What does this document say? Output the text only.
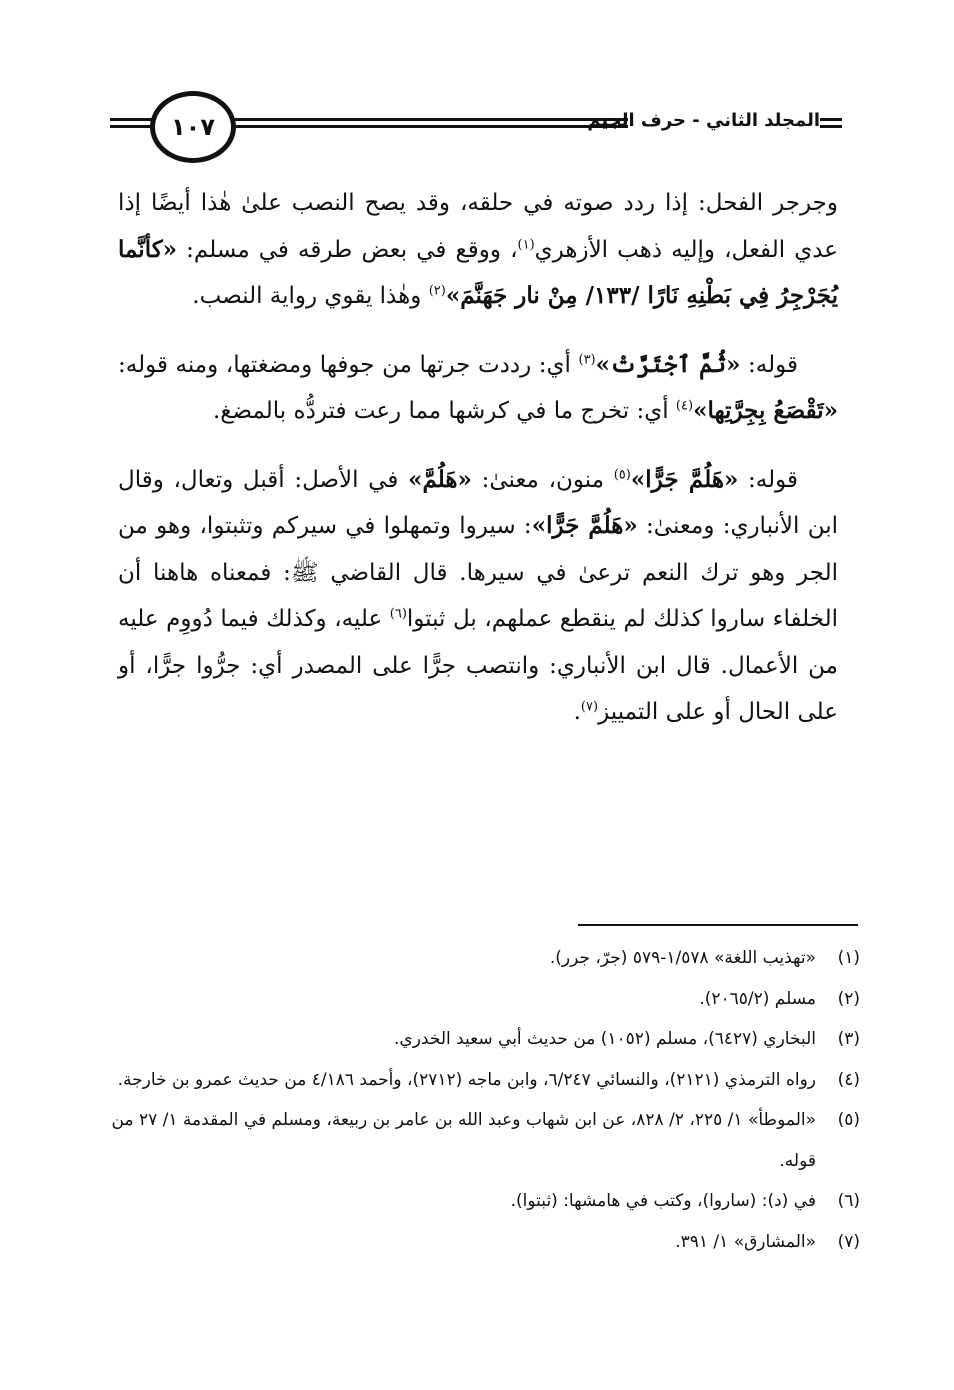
١٠٧	المجلد الثاني - حرف الجيم

وجرجر الفحل: إذا ردد صوته في حلقه، وقد يصح النصب علىٰ هٰذا أيضًا إذا عدي الفعل، وإليه ذهب الأزهري$^{(١)}$، ووقع في بعض طرقه في مسلم: «كأنَّما يُجَرْجِرُ فِي بَطْنِهِ نَارًا /١٣٣/ مِنْ نار جَهَنَّمَ»$^{(٢)}$ وهٰذا يقوي رواية النصب.

قوله: «ثُمَّ ٱجْتَرَّتْ»$^{(٣)}$ أي: رددت جرتها من جوفها ومضغتها، ومنه قوله: «تَقْصَعُ بِجِرَّتِها»$^{(٤)}$ أي: تخرج ما في كرشها مما رعت فتردُّه بالمضغ.

قوله: «هَلُمَّ جَرًّا»$^{(٥)}$ منون، معنىٰ: «هَلُمَّ» في الأصل: أقبل وتعال، وقال ابن الأنباري: ومعنىٰ: «هَلُمَّ جَرًّا»: سيروا وتمهلوا في سيركم وتثبتوا، وهو من الجر وهو ترك النعم ترعىٰ في سيرها. قال القاضي ﷺ: فمعناه هاهنا أن الخلفاء ساروا كذلك لم ينقطع عملهم، بل ثبتوا$^{(٦)}$ عليه، وكذلك فيما دُووِم عليه من الأعمال. قال ابن الأنباري: وانتصب جرًّا على المصدر أي: جرُّوا جرًّا، أو على الحال أو على التمييز$^{(٧)}$.

(١)
«تهذيب اللغة» ١/٥٧٨-٥٧٩ (جرّ، جرر).
(٢)
مسلم (٢٠٦٥/٢).
(٣)
البخاري (٦٤٢٧)، مسلم (١٠٥٢) من حديث أبي سعيد الخدري.
(٤)
رواه الترمذي (٢١٢١)، والنسائي ٦/٢٤٧، وابن ماجه (٢٧١٢)، وأحمد ٤/١٨٦ من حديث عمرو بن خارجة.
(٥)
«الموطأ» ١/ ٢٢٥، ٢/ ٨٢٨، عن ابن شهاب وعبد الله بن عامر بن ربيعة، ومسلم في المقدمة ١/ ٢٧ من قوله.
(٦)
في (د): (ساروا)، وكتب في هامشها: (ثبتوا).
(٧)
«المشارق» ١/ ٣٩١.
